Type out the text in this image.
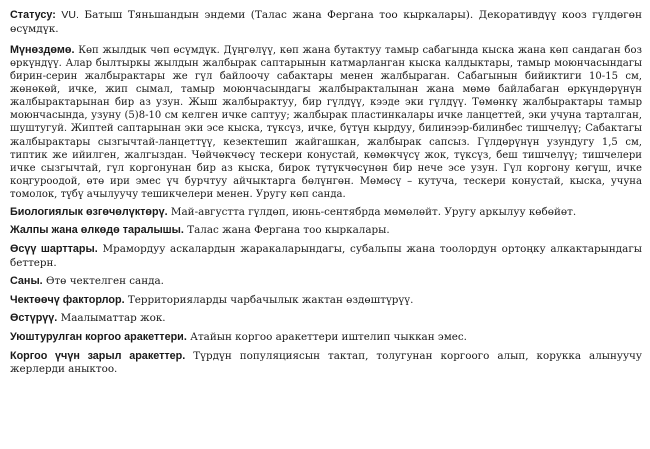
Статусу: VU. Батыш Тяньшандын эндеми (Талас жана Фергана тоо кыркалары). Декоративдүү кооз гүлдөгөн өсүмдүк.

Мүнөздөмө. Көп жылдык чөп өсүмдүк. Дүңгөлүү, көп жана бутактуу тамыр сабагында кыска жана көп сандаган боз өркүндүү. Алар былтыркы жылдын жалбырак саптарынын катмарланган кыска калдыктары, тамыр моюнчасындагы бирин-серин жалбырактары же гүл байлоочу сабактары менен жалбыраган. Сабагынын бийиктиги 10-15 см, жөнөкөй, ичке, жип сымал, тамыр моюнчасындагы жалбыракталынан жана мөмө байлабаган өркүндөрүнүн жалбырактарынан бир аз узун. Жыш жалбырактуу, бир гүлдүү, кээде эки гүлдүү. Төмөнкү жалбырактары тамыр моюнчасында, узуну (5)8-10 см келген ичке саптуу; жалбырак пластинкалары ичке ланцеттей, эки учуна тарталган, шуштугуй. Жиптей саптарынан эки эсе кыска, түксүз, ичке, бүтүн кырдуу, билинээр-билинбес тишчелүү; Сабактагы жалбырактары сызгычтай-ланцеттүү, кезектешип жайгашкан, жалбырак сапсыз. Гүлдөрүнүн узундугу 1,5 см, типтик же ийилген, жалгыздан. Чөйчөкчөсү тескери конустай, көмөкчүсү жок, түксүз, беш тишчелүү; тишчелери ичке сызгычтай, гүл коргонунан бир аз кыска, бирок түтүкчөсүнөн бир нече эсе узун. Гүл коргону көгүш, ичке коңгуроодой, өтө ири эмес үч бурчтуу айчыктарга бөлүнгөн. Мөмөсү – кутуча, тескери конустай, кыска, учуна томолок, түбү ачылуучу тешикчелери менен. Уругу көп санда.

Биологиялык өзгөчөлүктөрү. Май-августта гүлдөп, июнь-сентябрда мөмөлөйт. Уругу аркылуу көбөйөт.

Жалпы жана өлкөдө таралышы. Талас жана Фергана тоо кыркалары.

Өсүү шарттары. Мрамордуу аскалардын жаракаларындагы, субальпы жана тоолордун ортоңку алкактарындагы беттерн.

Саны. Өтө чектелген санда.

Чектөөчү факторлор. Территорияларды чарбачылык жактан өздөштүрүү.

Өстүрүү. Маалыматтар жок.

Уюштурулган коргоо аракеттери. Атайын коргоо аракеттери иштелип чыккан эмес.

Коргоо үчүн зарыл аракеттер. Түрдүн популяциясын тактап, толугунан коргоого алып, корукка алынуучу жерлерди аныктоо.
